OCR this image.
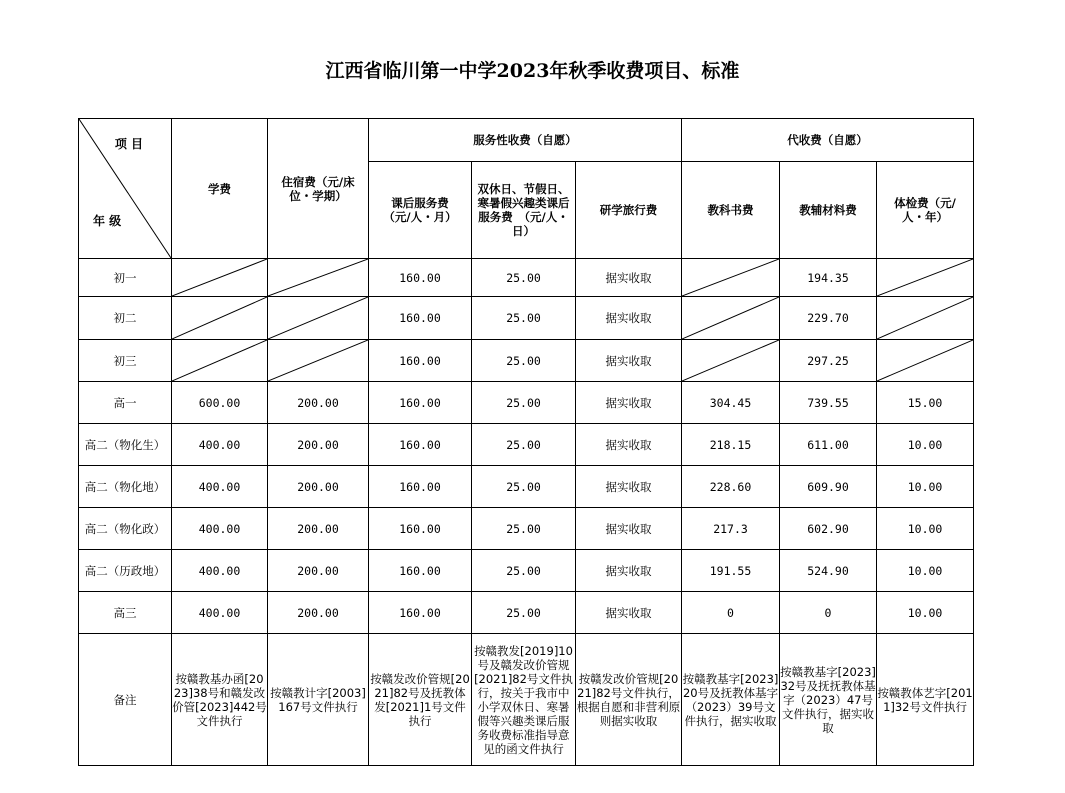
江西省临川第一中学2023年秋季收费项目、标准
项 目
年 级	学费	住宿费（元/床位・学期）	服务性收费（自愿）			代收费（自愿）		
			课后服务费（元/人・月）	双休日、节假日、寒暑假兴趣类课后服务费　（元/人・日）	研学旅行费	教科书费	教辅材料费	体检费（元/人・年）
初一			160.00	25.00	据实收取		194.35	

初二			160.00	25.00	据实收取		229.70	

初三			160.00	25.00	据实收取		297.25	

高一	600.00	200.00	160.00	25.00	据实收取	304.45	739.55	15.00
高二（物化生）	400.00	200.00	160.00	25.00	据实收取	218.15	611.00	10.00
高二（物化地）	400.00	200.00	160.00	25.00	据实收取	228.60	609.90	10.00
高二（物化政）	400.00	200.00	160.00	25.00	据实收取	217.3	602.90	10.00
高二（历政地）	400.00	200.00	160.00	25.00	据实收取	191.55	524.90	10.00
高三	400.00	200.00	160.00	25.00	据实收取	0	0	10.00
备注	按赣教基办函[2023]38号和赣发改价管[2023]442号文件执行	按赣教计字[2003]167号文件执行	按赣发改价管规[2021]82号及抚教体发[2021]1号文件执行	按赣教发[2019]10号及赣发改价管规[2021]82号文件执行，按关于我市中小学双休日、寒暑假等兴趣类课后服务收费标准指导意见的函文件执行	按赣发改价管规[2021]82号文件执行，根据自愿和非营利原则据实收取	按赣教基字[2023]20号及抚教体基字（2023）39号文件执行，据实收取	按赣教基字[2023]32号及抚抚教体基字（2023）47号文件执行，据实收取	按赣教体艺字[2011]32号文件执行
